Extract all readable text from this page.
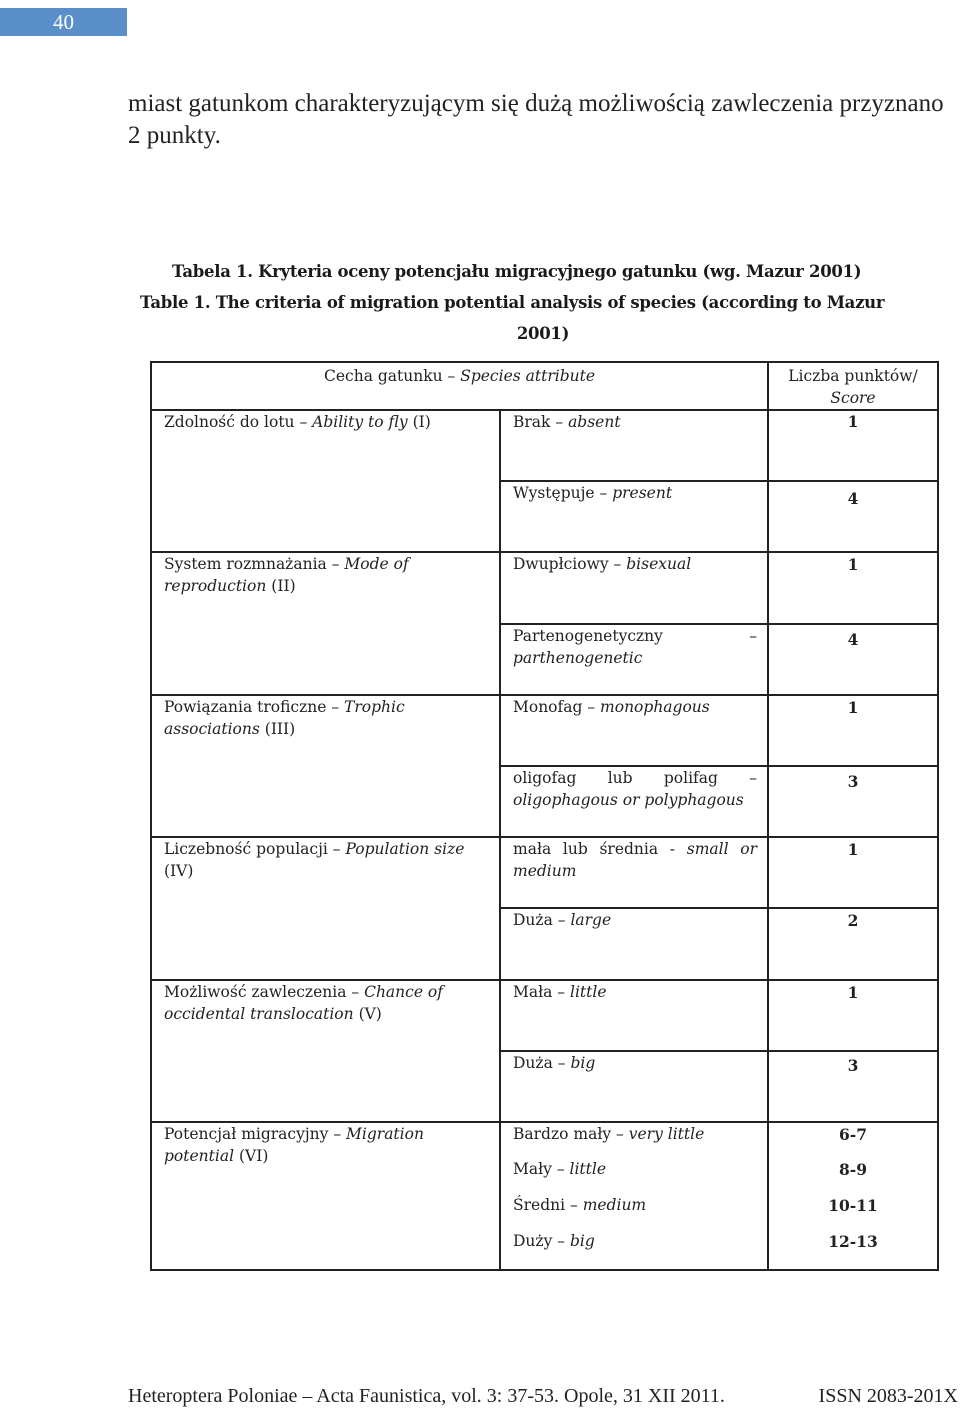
40

miast gatunkom charakteryzującym się dużą możliwością zawleczenia przyznano 2 punkty.

Tabela 1. Kryteria oceny potencjału migracyjnego gatunku (wg. Mazur 2001)
Table 1. The criteria of migration potential analysis of species (according to Mazur
2001)
Cecha gatunku – Species attribute		Liczba punktów/
Score
Zdolność do lotu – Ability to fly (I)	Brak – absent	1
	Występuje – present	4
System rozmnażania – Mode of reproduction (II)	Dwupłciowy – bisexual	1
	Partenogenetyczny – parthenogenetic	4
Powiązania troficzne – Trophic associations (III)	Monofag – monophagous	1
	oligofag lub polifag – oligophagous or polyphagous	3
Liczebność populacji – Population size (IV)	mała lub średnia - small or medium	1
	Duża – large	2
Możliwość zawleczenia – Chance of occidental translocation (V)	Mała – little	1
	Duża – big	3
Potencjał migracyjny – Migration potential (VI)	Bardzo mały – very little	6-7
	Mały – little	8-9
	Średni – medium	10-11
	Duży – big	12-13
Heteroptera Poloniae – Acta Faunistica, vol. 3: 37-53. Opole, 31 XII 2011.	ISSN 2083-201X
